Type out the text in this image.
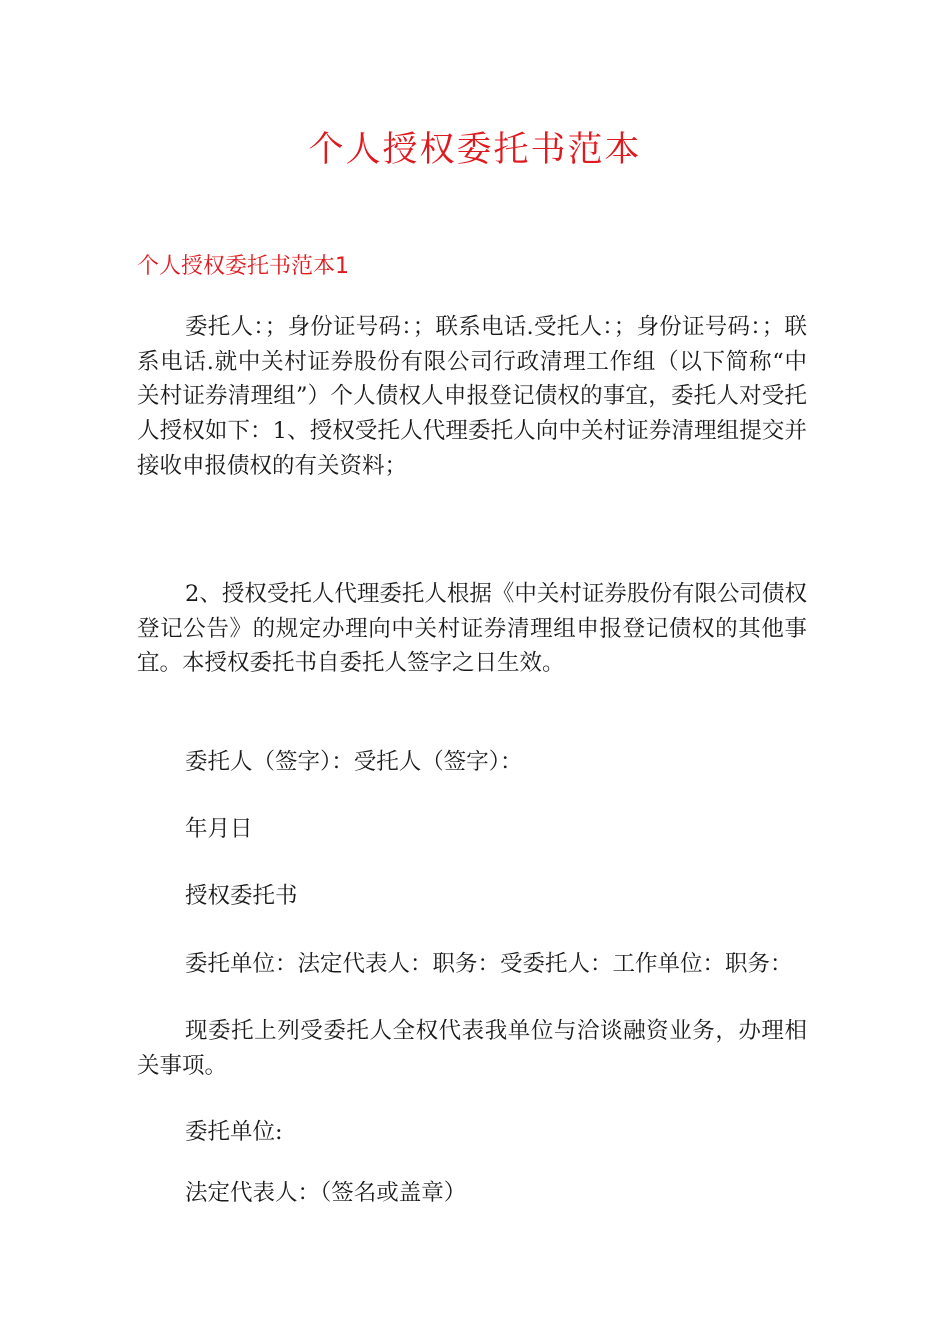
个人授权委托书范本
个人授权委托书范本1

委托人：；身份证号码：；联系电话.受托人：；身份证号码：；联系电话.就中关村证券股份有限公司行政清理工作组（以下简称“中关村证券清理组”）个人债权人申报登记债权的事宜，委托人对受托人授权如下：1、授权受托人代理委托人向中关村证券清理组提交并接收申报债权的有关资料；

2、授权受托人代理委托人根据《中关村证券股份有限公司债权登记公告》的规定办理向中关村证券清理组申报登记债权的其他事宜。本授权委托书自委托人签字之日生效。

委托人（签字）：受托人（签字）：

年月日

授权委托书

委托单位：法定代表人：职务：受委托人：工作单位：职务：

现委托上列受委托人全权代表我单位与洽谈融资业务，办理相关事项。

委托单位:

法定代表人：（签名或盖章）
